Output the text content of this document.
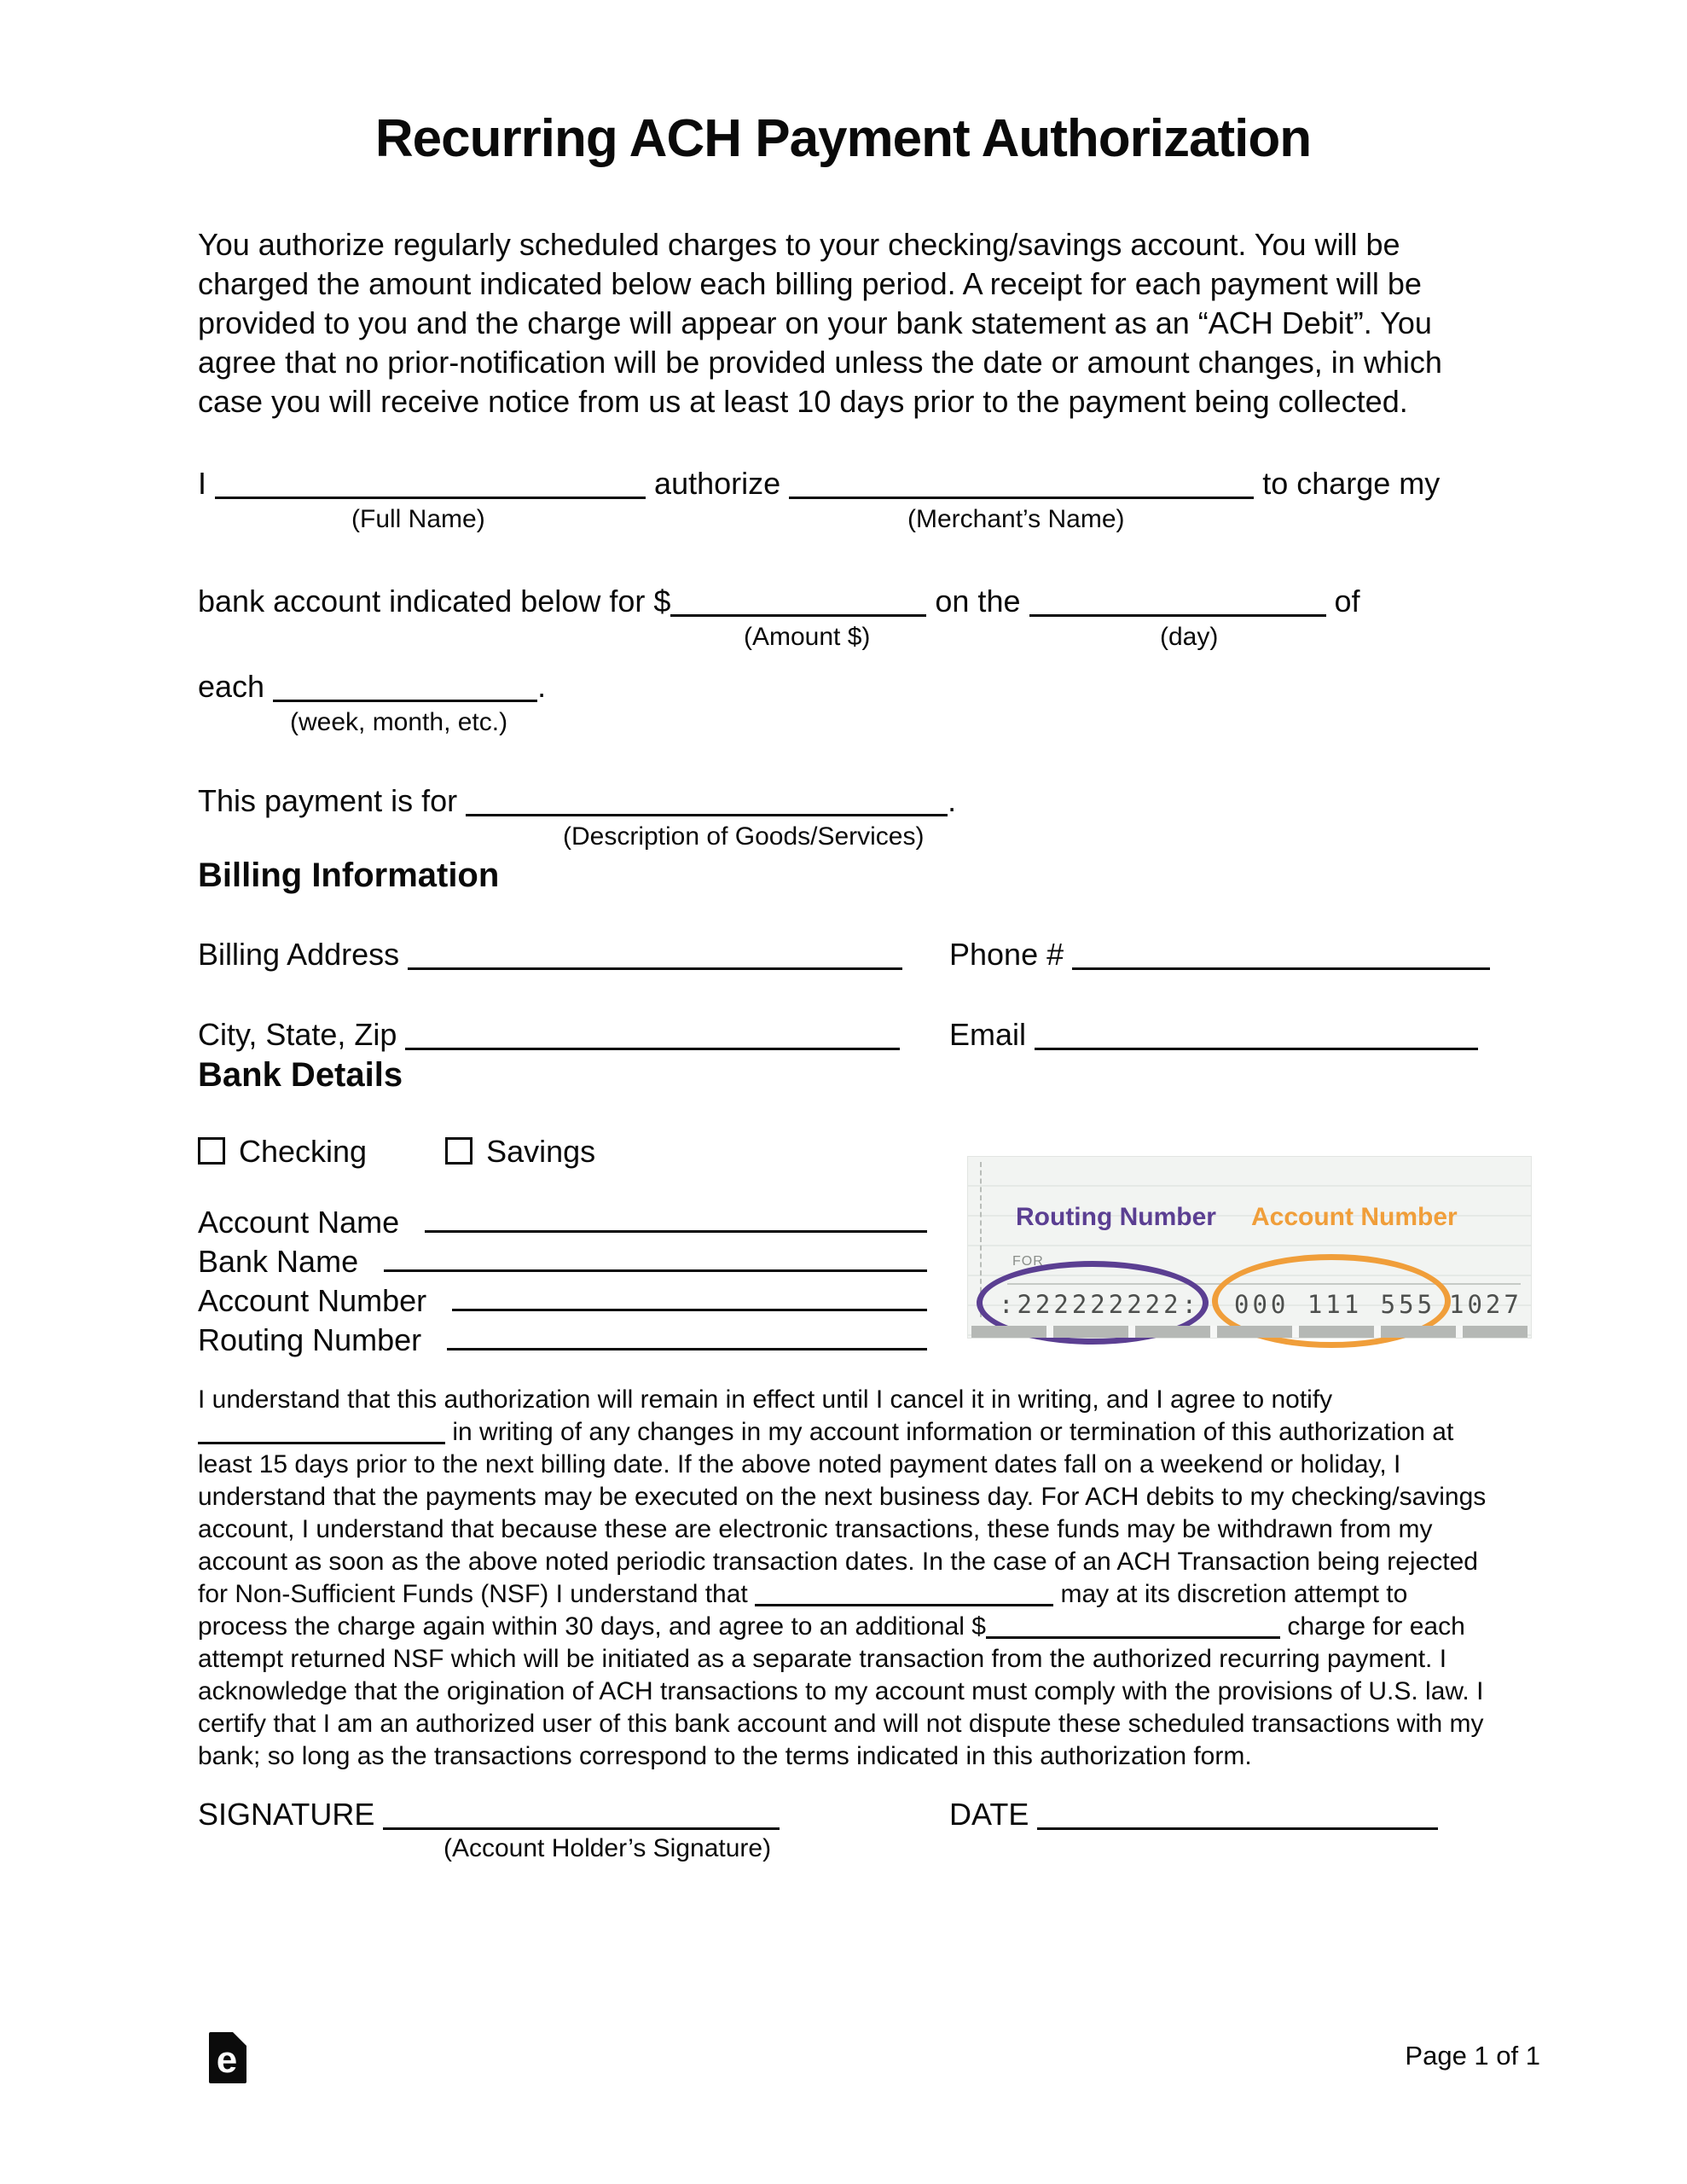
Recurring ACH Payment Authorization

You authorize regularly scheduled charges to your checking/savings account. You will be charged the amount indicated below each billing period. A receipt for each payment will be provided to you and the charge will appear on your bank statement as an “ACH Debit”. You agree that no prior-notification will be provided unless the date or amount changes, in which case you will receive notice from us at least 10 days prior to the payment being collected.

I	authorize	to charge my

(Full Name)	(Merchant’s Name)

bank account indicated below for $	on the	of

(Amount $)	(day)

each	.

(week, month, etc.)

This payment is for	.

(Description of Goods/Services)
Billing Information
Billing Address	Phone #
City, State, Zip	Email
Bank Details
Checking	Savings
Account Name
Bank Name
Account Number
Routing Number
Routing Number Account Number
FOR
:222222222: 000 111 555 1027

I understand that this authorization will remain in effect until I cancel it in writing, and I agree to notify  in writing of any changes in my account information or termination of this authorization at least 15 days prior to the next billing date. If the above noted payment dates fall on a weekend or holiday, I understand that the payments may be executed on the next business day. For ACH debits to my checking/savings account, I understand that because these are electronic transactions, these funds may be withdrawn from my account as soon as the above noted periodic transaction dates. In the case of an ACH Transaction being rejected for Non-Sufficient Funds (NSF) I understand that	may at its discretion attempt to process the charge again within 30 days, and agree to an additional $	charge for each attempt returned NSF which will be initiated as a separate transaction from the authorized recurring payment. I acknowledge that the origination of ACH transactions to my account must comply with the provisions of U.S. law. I certify that I am an authorized user of this bank account and will not dispute these scheduled transactions with my bank; so long as the transactions correspond to the terms indicated in this authorization form.

SIGNATURE	DATE
(Account Holder’s Signature)
e	Page 1 of 1
